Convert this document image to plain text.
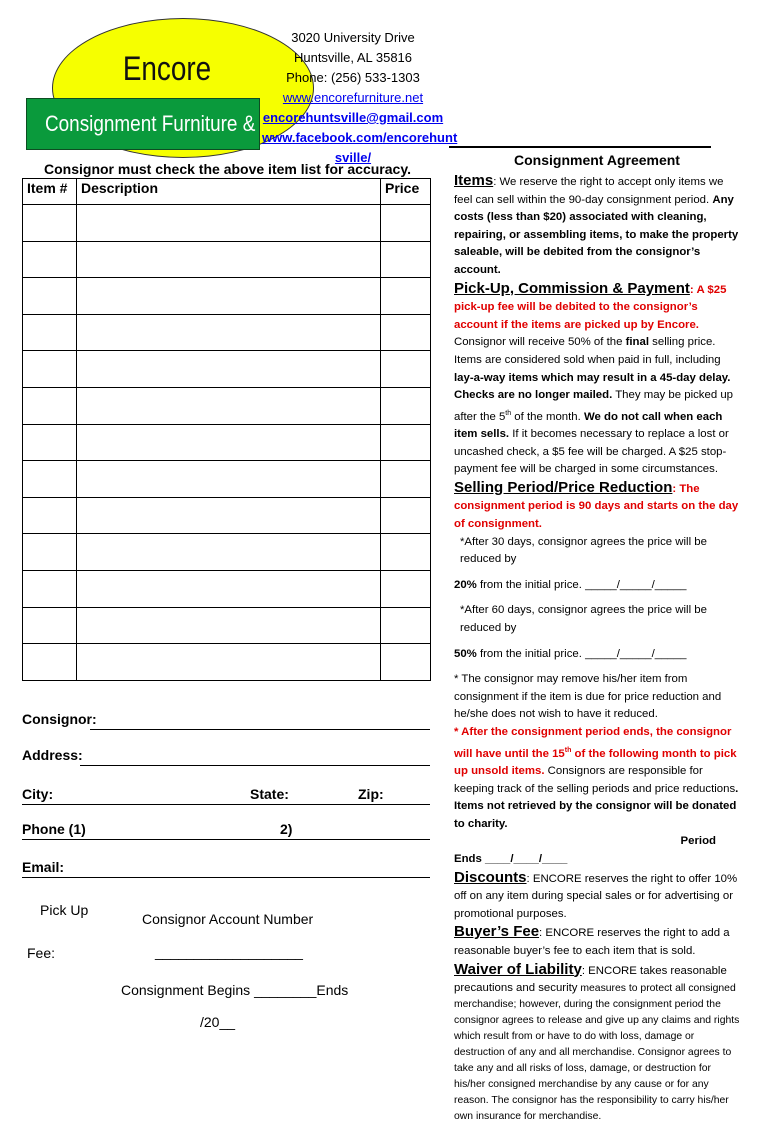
Encore
Consignment Furniture &
3020 University Drive
Huntsville, AL 35816
Phone: (256) 533-1303
www.encorefurniture.net
encorehuntsville@gmail.com
www.facebook.com/encorehunt
sville/
Consignor must check the above item list for accuracy.
Item #	Description	Price

Consignor:
Address:
City:	State:	Zip:
Phone (1)	2)
Email:
Pick Up
Fee:
Consignor Account Number
___________________
Consignment Begins ________Ends
/20__
Consignment Agreement

Items: We reserve the right to accept only items we feel can sell within the 90-day consignment period. Any costs (less than $20) associated with cleaning, repairing, or assembling items, to make the property saleable, will be debited from the consignor’s account.

Pick-Up, Commission & Payment: A $25 pick-up fee will be debited to the consignor’s account if the items are picked up by Encore.

Consignor will receive 50% of the final selling price. Items are considered sold when paid in full, including lay-a-way items which may result in a 45-day delay. Checks are no longer mailed. They may be picked up after the 5th of the month. We do not call when each item sells. If it becomes necessary to replace a lost or uncashed check, a $5 fee will be charged. A $25 stop-payment fee will be charged in some circumstances.

Selling Period/Price Reduction: The consignment period is 90 days and starts on the day of consignment.

*After 30 days, consignor agrees the price will be reduced by

20% from the initial price. _____/_____/_____

*After 60 days, consignor agrees the price will be reduced by

50% from the initial price. _____/_____/_____

* The consignor may remove his/her item from consignment if the item is due for price reduction and he/she does not wish to have it reduced.

* After the consignment period ends, the consignor will have until the 15th of the following month to pick up unsold items. Consignors are responsible for keeping track of the selling periods and price reductions. Items not retrieved by the consignor will be donated to charity.

Period

Ends ____/____/____

Discounts: ENCORE reserves the right to offer 10% off on any item during special sales or for advertising or promotional purposes.

Buyer’s Fee: ENCORE reserves the right to add a reasonable buyer’s fee to each item that is sold.

Waiver of Liability: ENCORE takes reasonable

precautions and security measures to protect all consigned merchandise; however, during the consignment period the consignor agrees to release and give up any claims and rights which result from or have to do with loss, damage or destruction of any and all merchandise. Consignor agrees to take any and all risks of loss, damage, or destruction for his/her consigned merchandise by any cause or for any reason. The consignor has the responsibility to carry his/her own insurance for merchandise.
